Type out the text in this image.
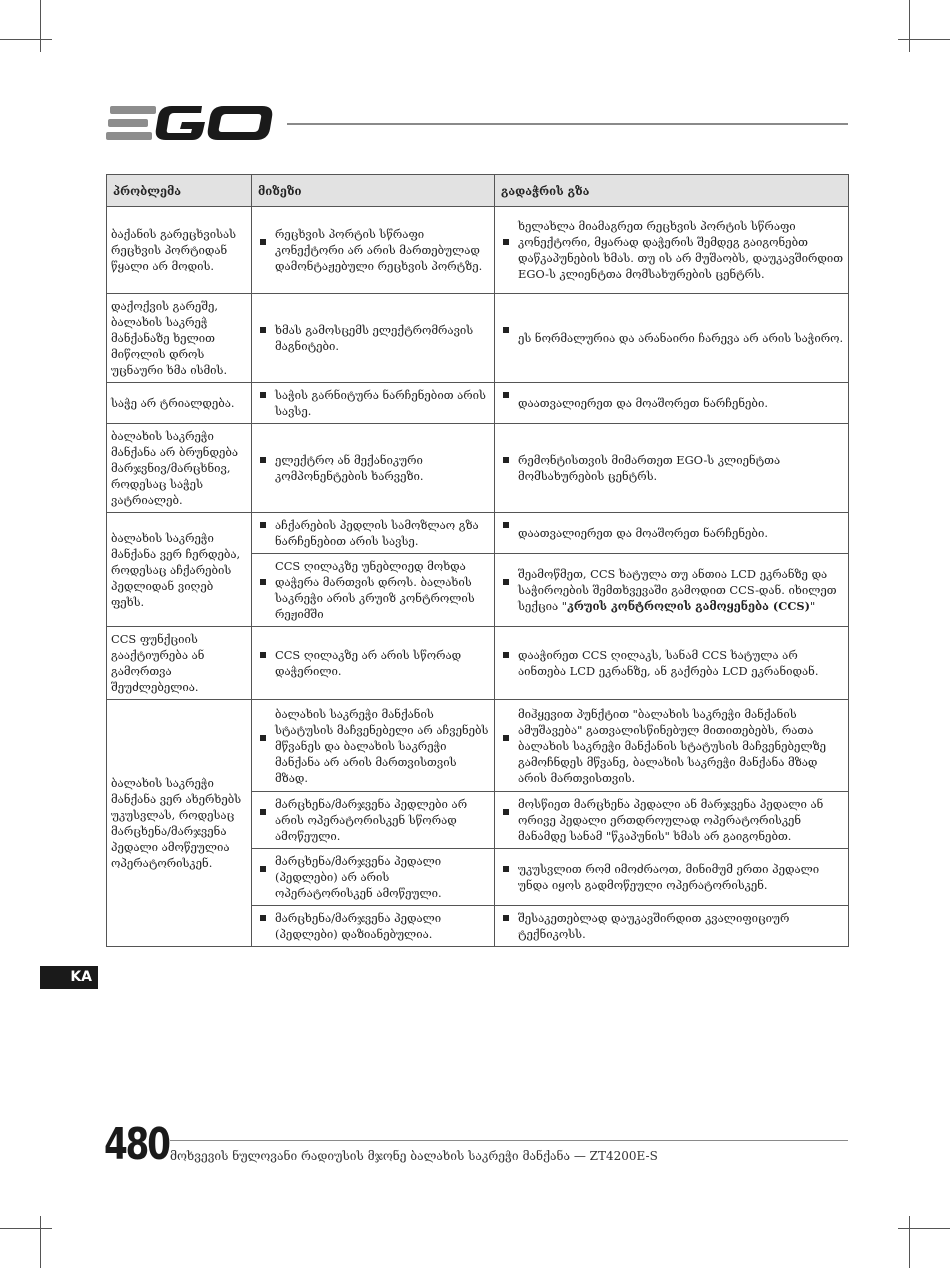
პრობლემა	მიზეზი	გადაჭრის გზა
ბაქანის გარეცხვისას რეცხვის პორტიდან წყალი არ მოდის.	რეცხვის პორტის სწრაფი კონექტორი არ არის მართებულად დამონტაჟებული რეცხვის პორტზე.	ხელახლა მიამაგრეთ რეცხვის პორტის სწრაფი კონექტორი, მყარად დაჭერის შემდეგ გაიგონებთ დაწკაპუნების ხმას. თუ ის არ მუშაობს, დაუკავშირდით EGO-ს კლიენტთა მომსახურების ცენტრს.
დაქოქვის გარეშე, ბალახის საკრეჭ მანქანაზე ხელით მიწოლის დროს უცნაური ხმა ისმის.	ხმას გამოსცემს ელექტრომრავის მაგნიტები.	ეს ნორმალურია და არანაირი ჩარევა არ არის საჭირო.
საჭე არ ტრიალდება.	საჭის გარნიტურა ნარჩენებით არის სავსე.	დაათვალიერეთ და მოაშორეთ ნარჩენები.
ბალახის საკრეჭი მანქანა არ ბრუნდება მარჯვნივ/მარცხნივ, როდესაც საჭეს ვატრიალებ.	ელექტრო ან მექანიკური კომპონენტების ხარვეზი.	რემონტისთვის მიმართეთ EGO-ს კლიენტთა მომსახურების ცენტრს.
ბალახის საკრეჭი მანქანა ვერ ჩერდება, როდესაც აჩქარების პედლიდან ვიღებ ფეხს.	აჩქარების პედლის სამოზლაო გზა ნარჩენებით არის სავსე.	დაათვალიერეთ და მოაშორეთ ნარჩენები.
	CCS ღილაკზე უნებლიედ მოხდა დაჭერა მართვის დროს. ბალახის საკრეჭი არის კრუიზ კონტროლის რეჟიმში	შეამოწმეთ, CCS ხატულა თუ ანთია LCD ეკრანზე და საჭიროების შემთხვევაში გამოდით CCS-დან. იხილეთ სექცია "კრუის კონტროლის გამოყენება (CCS)"
CCS ფუნქციის გააქტიურება ან გამორთვა შეუძლებელია.	CCS ღილაკზე არ არის სწორად დაჭერილი.	დააჭირეთ CCS ღილაკს, სანამ CCS ხატულა არ აინთება LCD ეკრანზე, ან გაქრება LCD ეკრანიდან.
ბალახის საკრეჭი მანქანა ვერ ახერხებს უკუსვლას, როდესაც მარცხენა/მარჯვენა პედალი ამოწეულია ოპერატორისკენ.	ბალახის საკრეჭი მანქანის სტატუსის მაჩვენებელი არ აჩვენებს მწვანეს და ბალახის საკრეჭი მანქანა არ არის მართვისთვის მზად.	მიჰყევით პუნქტით "ბალახის საკრეჭი მანქანის ამუშავება" გათვალისწინებულ მითითებებს, რათა ბალახის საკრეჭი მანქანის სტატუსის მაჩვენებელზე გამოჩნდეს მწვანე, ბალახის საკრეჭი მანქანა მზად არის მართვისთვის.
	მარცხენა/მარჯვენა პედლები არ არის ოპერატორისკენ სწორად ამოწეული.	მოსწიეთ მარცხენა პედალი ან მარჯვენა პედალი ან ორივე პედალი ერთდროულად ოპერატორისკენ მანამდე სანამ "წკაპუნის" ხმას არ გაიგონებთ.
	მარცხენა/მარჯვენა პედალი (პედლები) არ არის ოპერატორისკენ ამოწეული.	უკუსვლით რომ იმოძრაოთ, მინიმუმ ერთი პედალი უნდა იყოს გადმოწეული ოპერატორისკენ.
	მარცხენა/მარჯვენა პედალი (პედლები) დაზიანებულია.	შესაკეთებლად დაუკავშირდით კვალიფიციურ ტექნიკოსს.
KA
480 მოხვევის ნულოვანი რადიუსის მჯონე ბალახის საკრეჭი მანქანა — ZT4200E-S
